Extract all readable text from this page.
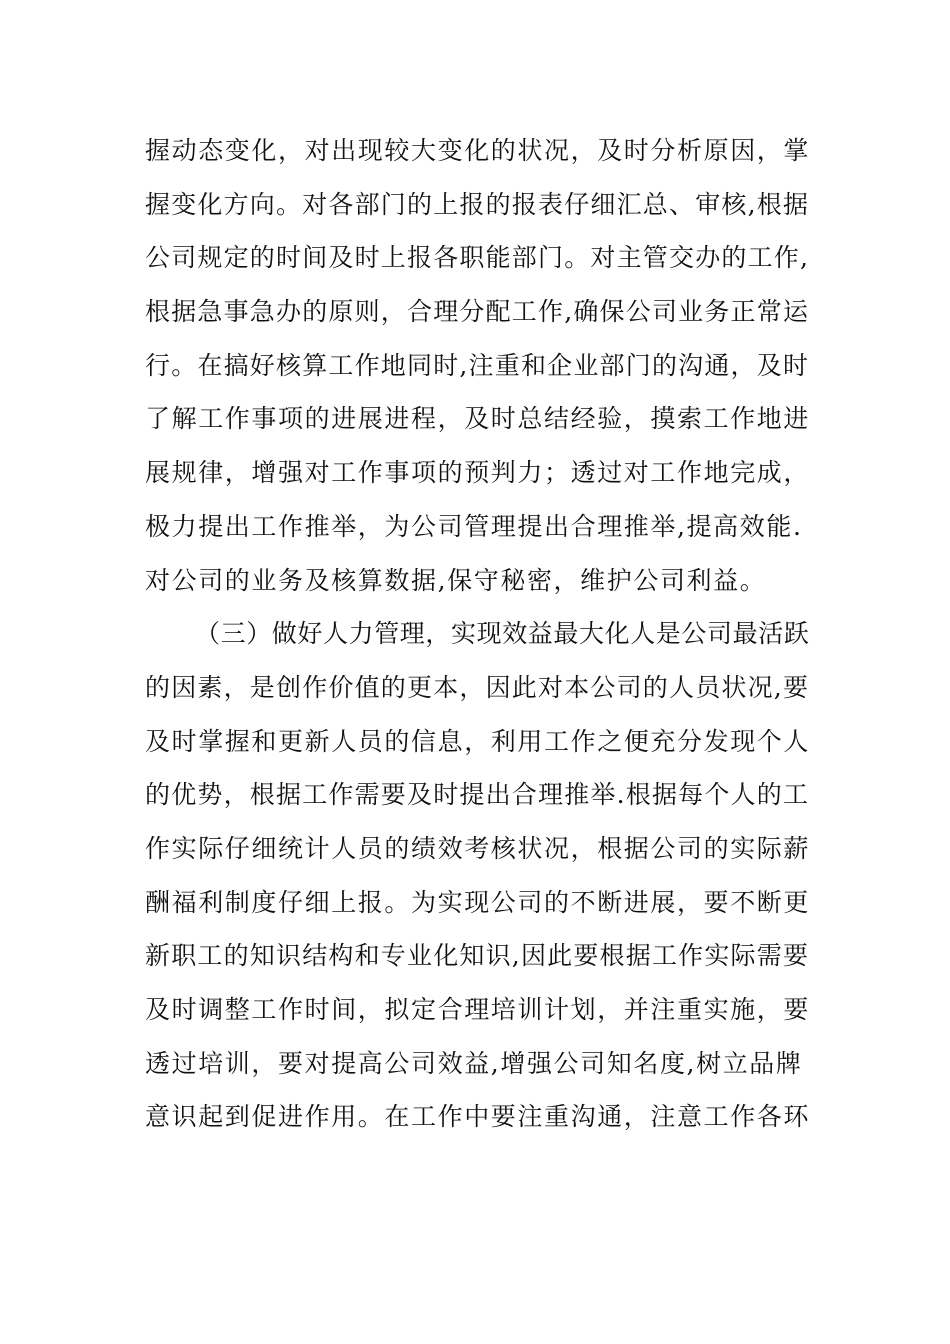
握动态变化，对出现较大变化的状况，及时分析原因，掌
握变化方向。对各部门的上报的报表仔细汇总、审核,根据
公司规定的时间及时上报各职能部门。对主管交办的工作,
根据急事急办的原则，合理分配工作,确保公司业务正常运
行。在搞好核算工作地同时,注重和企业部门的沟通，及时
了解工作事项的进展进程，及时总结经验，摸索工作地进
展规律，增强对工作事项的预判力；透过对工作地完成，
极力提出工作推举，为公司管理提出合理推举,提高效能.
对公司的业务及核算数据,保守秘密，维护公司利益。
（三）做好人力管理，实现效益最大化人是公司最活跃
的因素，是创作价值的更本，因此对本公司的人员状况,要
及时掌握和更新人员的信息，利用工作之便充分发现个人
的优势，根据工作需要及时提出合理推举.根据每个人的工
作实际仔细统计人员的绩效考核状况，根据公司的实际薪
酬福利制度仔细上报。为实现公司的不断进展，要不断更
新职工的知识结构和专业化知识,因此要根据工作实际需要
及时调整工作时间，拟定合理培训计划，并注重实施，要
透过培训，要对提高公司效益,增强公司知名度,树立品牌
意识起到促进作用。在工作中要注重沟通，注意工作各环
